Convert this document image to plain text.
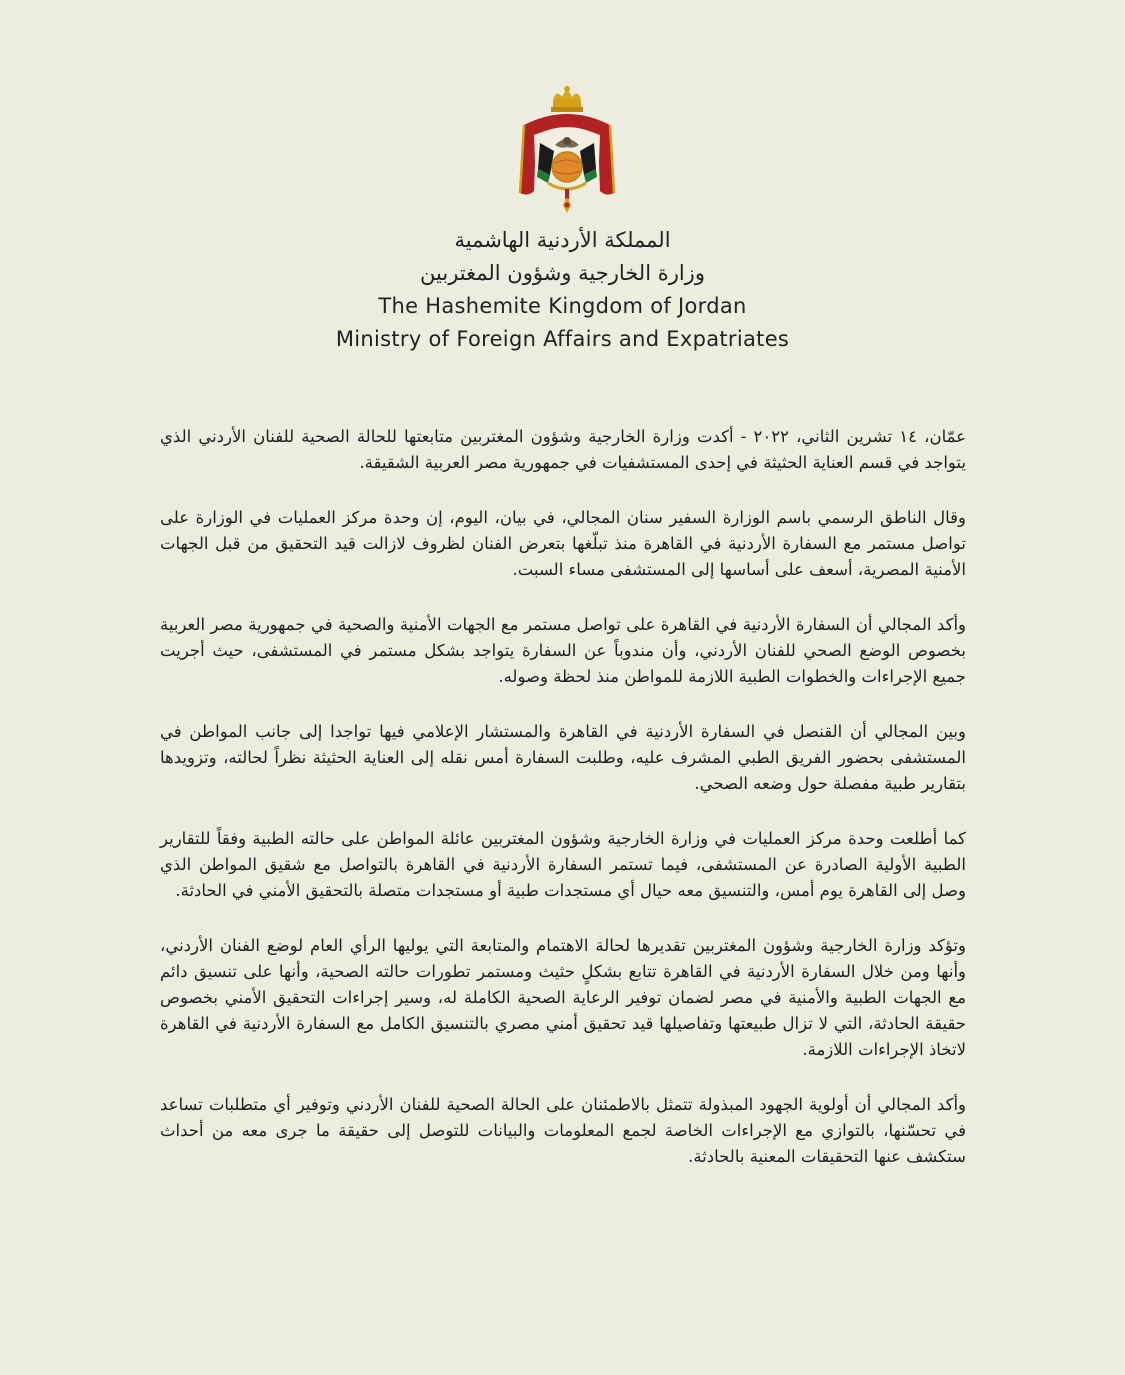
المملكة الأردنية الهاشمية

وزارة الخارجية وشؤون المغتربين

The Hashemite Kingdom of Jordan

Ministry of Foreign Affairs and Expatriates

عمّان، ١٤ تشرين الثاني، ٢٠٢٢ - أكدت وزارة الخارجية وشؤون المغتربين متابعتها للحالة الصحية للفنان الأردني الذي يتواجد في قسم العناية الحثيثة في إحدى المستشفيات في جمهورية مصر العربية الشقيقة.

وقال الناطق الرسمي باسم الوزارة السفير سنان المجالي، في بيان، اليوم، إن وحدة مركز العمليات في الوزارة على تواصل مستمر مع السفارة الأردنية في القاهرة منذ تبلّغها بتعرض الفنان لظروف لازالت قيد التحقيق من قبل الجهات الأمنية المصرية، أسعف على أساسها إلى المستشفى مساء السبت.

وأكد المجالي أن السفارة الأردنية في القاهرة على تواصل مستمر مع الجهات الأمنية والصحية في جمهورية مصر العربية بخصوص الوضع الصحي للفنان الأردني، وأن مندوباً عن السفارة يتواجد بشكل مستمر في المستشفى، حيث أجريت جميع الإجراءات والخطوات الطبية اللازمة للمواطن منذ لحظة وصوله.

وبين المجالي أن القنصل في السفارة الأردنية في القاهرة والمستشار الإعلامي فيها تواجدا إلى جانب المواطن في المستشفى بحضور الفريق الطبي المشرف عليه، وطلبت السفارة أمس نقله إلى العناية الحثيثة نظراً لحالته، وتزويدها بتقارير طبية مفصلة حول وضعه الصحي.

كما أطلعت وحدة مركز العمليات في وزارة الخارجية وشؤون المغتربين عائلة المواطن على حالته الطبية وفقاً للتقارير الطبية الأولية الصادرة عن المستشفى، فيما تستمر السفارة الأردنية في القاهرة بالتواصل مع شقيق المواطن الذي وصل إلى القاهرة يوم أمس، والتنسيق معه حيال أي مستجدات طبية أو مستجدات متصلة بالتحقيق الأمني في الحادثة.

وتؤكد وزارة الخارجية وشؤون المغتربين تقديرها لحالة الاهتمام والمتابعة التي يوليها الرأي العام لوضع الفنان الأردني، وأنها ومن خلال السفارة الأردنية في القاهرة تتابع بشكلٍ حثيث ومستمر تطورات حالته الصحية، وأنها على تنسيق دائم مع الجهات الطبية والأمنية في مصر لضمان توفير الرعاية الصحية الكاملة له، وسير إجراءات التحقيق الأمني بخصوص حقيقة الحادثة، التي لا تزال طبيعتها وتفاصيلها قيد تحقيق أمني مصري بالتنسيق الكامل مع السفارة الأردنية في القاهرة لاتخاذ الإجراءات اللازمة.

وأكد المجالي أن أولوية الجهود المبذولة تتمثل بالاطمئنان على الحالة الصحية للفنان الأردني وتوفير أي متطلبات تساعد في تحسّنها، بالتوازي مع الإجراءات الخاصة لجمع المعلومات والبيانات للتوصل إلى حقيقة ما جرى معه من أحداث ستكشف عنها التحقيقات المعنية بالحادثة.
